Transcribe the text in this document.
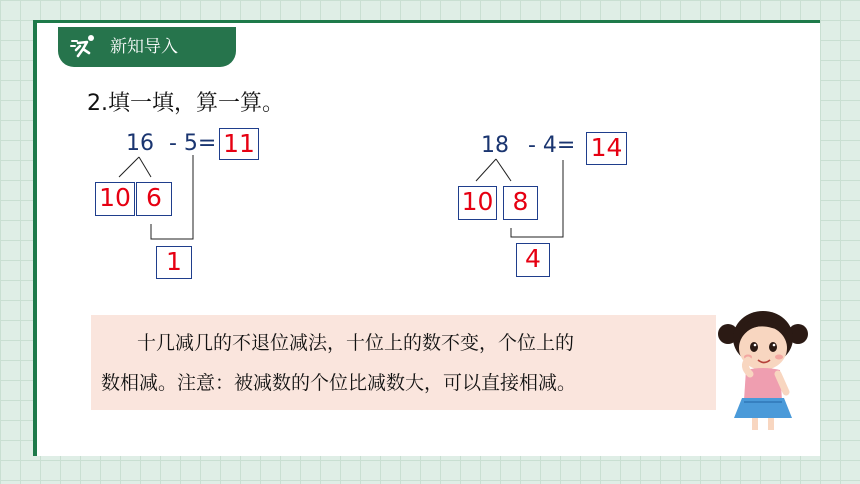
新知导入
2.填一填，算一算。
16 - 5= 11
10 6
1
18 - 4= 14
10 8
4
十几减几的不退位减法，十位上的数不变，个位上的
数相减。注意：被减数的个位比减数大，可以直接相减。
